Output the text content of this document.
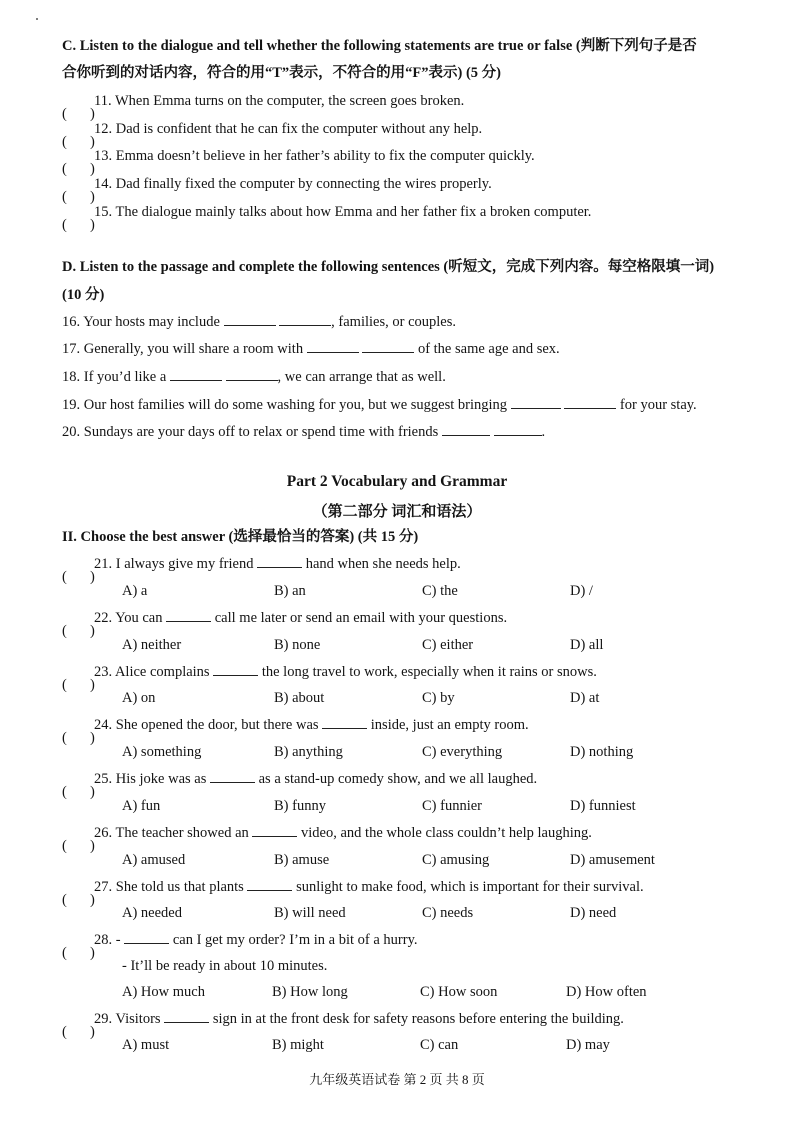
C. Listen to the dialogue and tell whether the following statements are true or false (判断下列句子是否
合你听到的对话内容，符合的用“T”表示，不符合的用“F”表示) (5 分)
11. When Emma turns on the computer, the screen goes broken.
12. Dad is confident that he can fix the computer without any help.
13. Emma doesn’t believe in her father’s ability to fix the computer quickly.
14. Dad finally fixed the computer by connecting the wires properly.
15. The dialogue mainly talks about how Emma and her father fix a broken computer.
D. Listen to the passage and complete the following sentences (听短文，完成下列内容。每空格限填一词)
(10 分)
16. Your hosts may include	, families, or couples.
17. Generally, you will share a room with	of the same age and sex.
18. If you’d like a	, we can arrange that as well.
19. Our host families will do some washing for you, but we suggest bringing	for your stay.
20. Sundays are your days off to relax or spend time with friends	.
Part 2 Vocabulary and Grammar
（第二部分 词汇和语法）
II. Choose the best answer (选择最恰当的答案) (共 15 分)
21. I always give my friend	hand when she needs help.
A) a	B) an	C) the	D) /
22. You can	call me later or send an email with your questions.
A) neither	B) none	C) either	D) all
23. Alice complains	the long travel to work, especially when it rains or snows.
A) on	B) about	C) by	D) at
24. She opened the door, but there was	inside, just an empty room.
A) something	B) anything	C) everything	D) nothing
25. His joke was as	as a stand-up comedy show, and we all laughed.
A) fun	B) funny	C) funnier	D) funniest
26. The teacher showed an	video, and the whole class couldn’t help laughing.
A) amused	B) amuse	C) amusing	D) amusement
27. She told us that plants	sunlight to make food, which is important for their survival.
A) needed	B) will need	C) needs	D) need
28. -	can I get my order? I’m in a bit of a hurry.
- It’ll be ready in about 10 minutes.
A) How much	B) How long	C) How soon	D) How often
29. Visitors	sign in at the front desk for safety reasons before entering the building.
A) must	B) might	C) can	D) may
九年级英语试卷 第 2 页 共 8 页
